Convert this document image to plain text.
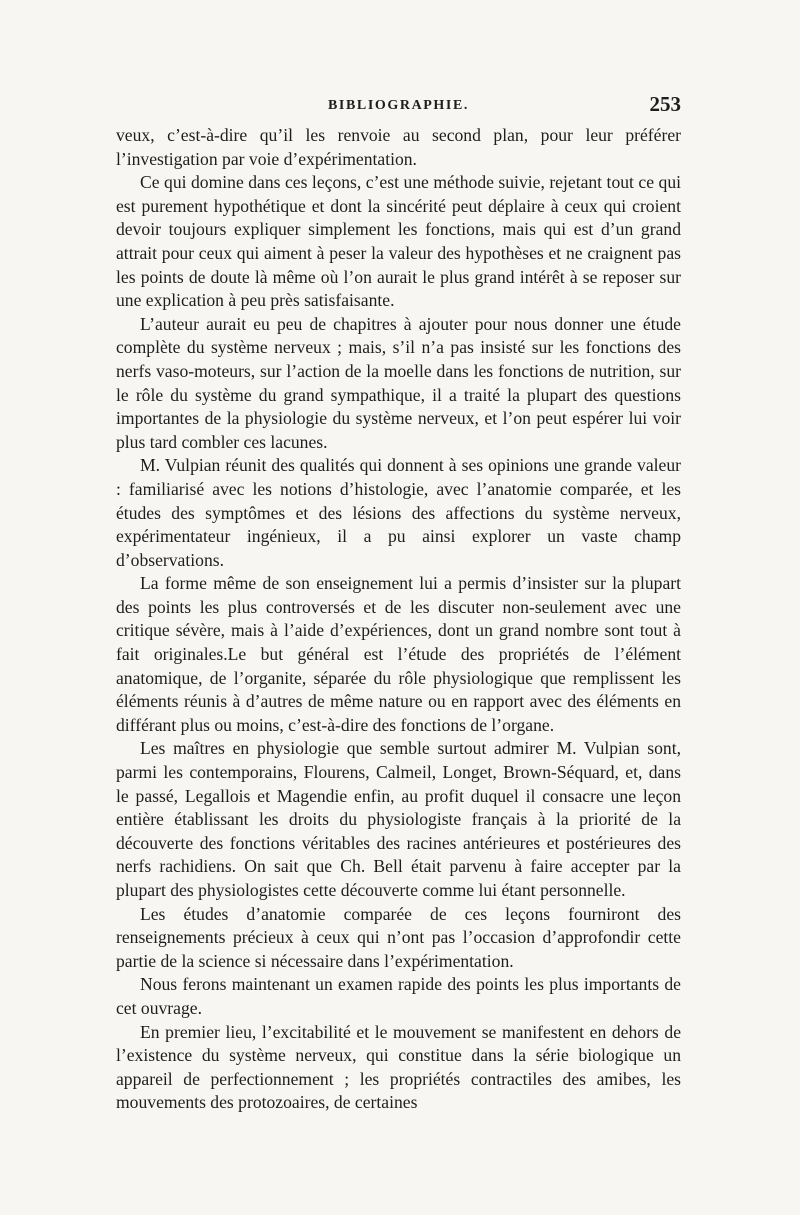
BIBLIOGRAPHIE.	253

veux, c’est-à-dire qu’il les renvoie au second plan, pour leur préférer l’investigation par voie d’expérimentation.

Ce qui domine dans ces leçons, c’est une méthode suivie, rejetant tout ce qui est purement hypothétique et dont la sincérité peut déplaire à ceux qui croient devoir toujours expliquer simplement les fonctions, mais qui est d’un grand attrait pour ceux qui aiment à peser la valeur des hypothèses et ne craignent pas les points de doute là même où l’on aurait le plus grand intérêt à se reposer sur une explication à peu près satisfaisante.

L’auteur aurait eu peu de chapitres à ajouter pour nous donner une étude complète du système nerveux ; mais, s’il n’a pas insisté sur les fonctions des nerfs vaso-moteurs, sur l’action de la moelle dans les fonctions de nutrition, sur le rôle du système du grand sympathique, il a traité la plupart des questions importantes de la physiologie du système nerveux, et l’on peut espérer lui voir plus tard combler ces lacunes.

M. Vulpian réunit des qualités qui donnent à ses opinions une grande valeur : familiarisé avec les notions d’histologie, avec l’anatomie comparée, et les études des symptômes et des lésions des affections du système nerveux, expérimentateur ingénieux, il a pu ainsi explorer un vaste champ d’observations.

La forme même de son enseignement lui a permis d’insister sur la plupart des points les plus controversés et de les discuter non-seulement avec une critique sévère, mais à l’aide d’expériences, dont un grand nombre sont tout à fait originales.Le but général est l’étude des propriétés de l’élément anatomique, de l’organite, séparée du rôle physiologique que remplissent les éléments réunis à d’autres de même nature ou en rapport avec des éléments en différant plus ou moins, c’est-à-dire des fonctions de l’organe.

Les maîtres en physiologie que semble surtout admirer M. Vulpian sont, parmi les contemporains, Flourens, Calmeil, Longet, Brown-Séquard, et, dans le passé, Legallois et Magendie enfin, au profit duquel il consacre une leçon entière établissant les droits du physiologiste français à la priorité de la découverte des fonctions véritables des racines antérieures et postérieures des nerfs rachidiens. On sait que Ch. Bell était parvenu à faire accepter par la plupart des physiologistes cette découverte comme lui étant personnelle.

Les études d’anatomie comparée de ces leçons fourniront des renseignements précieux à ceux qui n’ont pas l’occasion d’approfondir cette partie de la science si nécessaire dans l’expérimentation.

Nous ferons maintenant un examen rapide des points les plus importants de cet ouvrage.

En premier lieu, l’excitabilité et le mouvement se manifestent en dehors de l’existence du système nerveux, qui constitue dans la série biologique un appareil de perfectionnement ; les propriétés contractiles des amibes, les mouvements des protozoaires, de certaines
